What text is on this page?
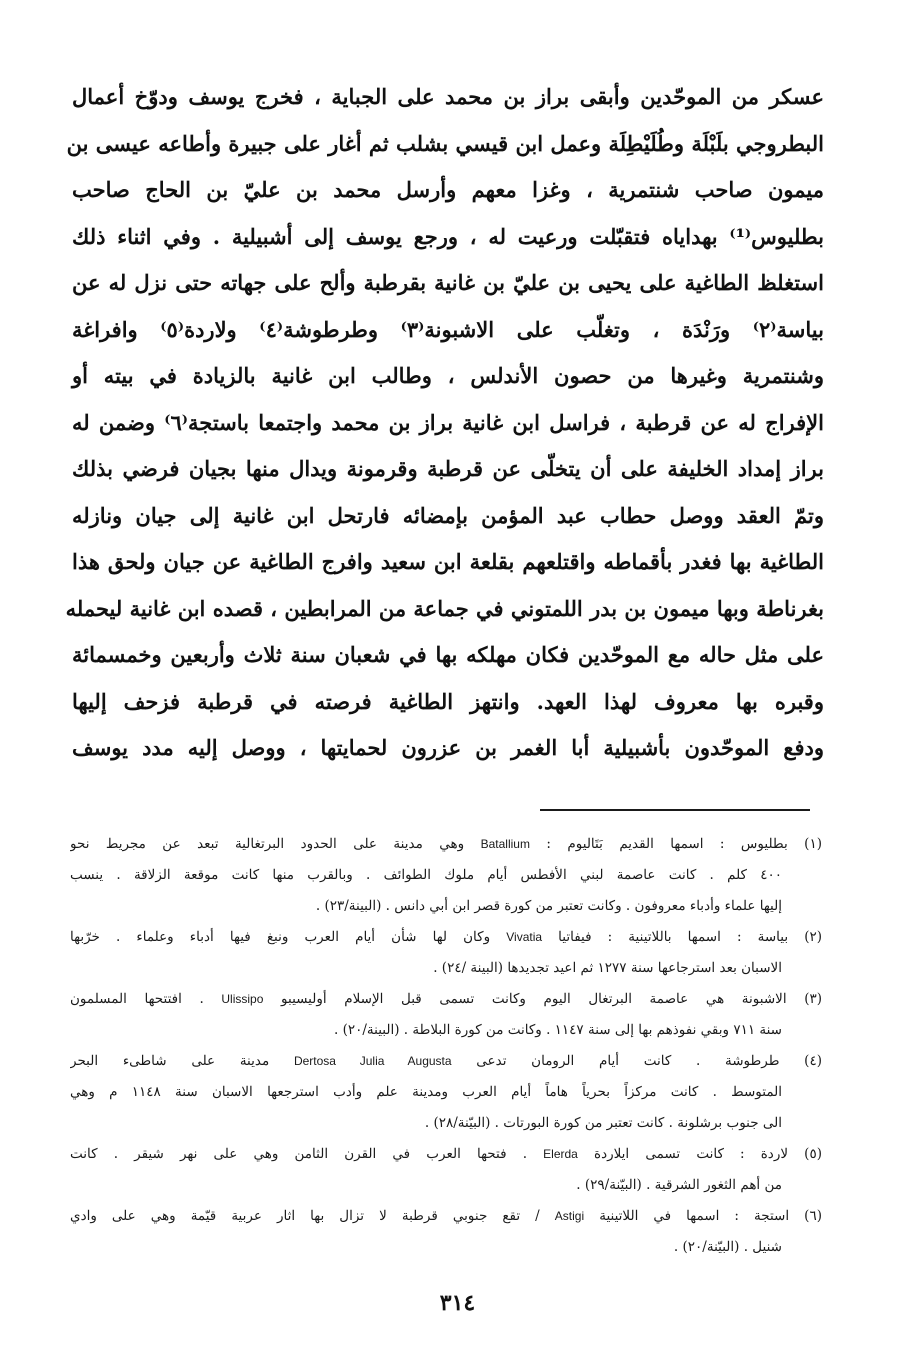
عسكر من الموحّدين وأبقى براز بن محمد على الجباية ، فخرج يوسف ودوّخ أعمال
البطروجي بلَبْلَة وطُلَيْطِلَة وعمل ابن قيسي بشلب ثم أغار على جبيرة وأطاعه عيسى بن
ميمون صاحب شنتمرية ، وغزا معهم وأرسل محمد بن عليّ بن الحاج صاحب
بطليوس⁽¹⁾ بهداياه فتقبّلت ورعيت له ، ورجع يوسف إلى أشبيلية . وفي اثناء ذلك
استغلظ الطاغية على يحيى بن عليّ بن غانية بقرطبة وألح على جهاته حتى نزل له عن
بياسة⁽٢⁾ ورَنْدَة ، وتغلّب على الاشبونة⁽٣⁾ وطرطوشة⁽٤⁾ ولاردة⁽٥⁾ وافراغة
وشنتمرية وغيرها من حصون الأندلس ، وطالب ابن غانية بالزيادة في بيته أو
الإفراج له عن قرطبة ، فراسل ابن غانية براز بن محمد واجتمعا باستجة⁽٦⁾ وضمن له
براز إمداد الخليفة على أن يتخلّى عن قرطبة وقرمونة ويدال منها بجيان فرضي بذلك
وتمّ العقد ووصل حطاب عبد المؤمن بإمضائه فارتحل ابن غانية إلى جيان ونازله
الطاغية بها فغدر بأقماطه واقتلعهم بقلعة ابن سعيد وافرج الطاغية عن جيان ولحق هذا
بغرناطة وبها ميمون بن بدر اللمتوني في جماعة من المرابطين ، قصده ابن غانية ليحمله
على مثل حاله مع الموحّدين فكان مهلكه بها في شعبان سنة ثلاث وأربعين وخمسمائة
وقبره بها معروف لهذا العهد. وانتهز الطاغية فرصته في قرطبة فزحف إليها
ودفع الموحّدون بأشبيلية أبا الغمر بن عزرون لحمايتها ، ووصل إليه مدد يوسف
(١) بطليوس : اسمها القديم بَتَاليوم : Batallium وهي مدينة على الحدود البرتغالية تبعد عن مجريط نحو
٤٠٠ كلم . كانت عاصمة لبني الأفطس أيام ملوك الطوائف . وبالقرب منها كانت موقعة الزلاقة . ينسب
إليها علماء وأدباء معروفون . وكانت تعتبر من كورة قصر ابن أبي دانس . (البينة/٢٣) .
(٢) بياسة : اسمها باللاتينية : فيفاتيا Vivatia وكان لها شأن أيام العرب ونبغ فيها أدباء وعلماء . خرّبها
الاسبان بعد استرجاعها سنة ١٢٧٧ ثم اعيد تجديدها (البينة /٢٤) .
(٣) الاشبونة هي عاصمة البرتغال اليوم وكانت تسمى قبل الإسلام أوليسيبو Ulissipo . افتتحها المسلمون
سنة ٧١١ وبقي نفوذهم بها إلى سنة ١١٤٧ . وكانت من كورة البلاطة . (البينة/٢٠) .
(٤) طرطوشة . كانت أيام الرومان تدعى Dertosa Julia Augusta مدينة على شاطىء البحر
المتوسط . كانت مركزاً بحرياً هاماً أيام العرب ومدينة علم وأدب استرجعها الاسبان سنة ١١٤٨ م وهي
الى جنوب برشلونة . كانت تعتبر من كورة البورتات . (البيّنة/٢٨) .
(٥) لاردة : كانت تسمى ايلاردة Elerda . فتحها العرب في القرن الثامن وهي على نهر شيقر . كانت
من أهم الثغور الشرقية . (البيّنة/٢٩) .
(٦) استجة : اسمها في اللاتينية Astigi / تقع جنوبي قرطبة لا تزال بها اثار عربية قيّمة وهي على وادي
شنيل . (البيّنة/٢٠) .
٣١٤
